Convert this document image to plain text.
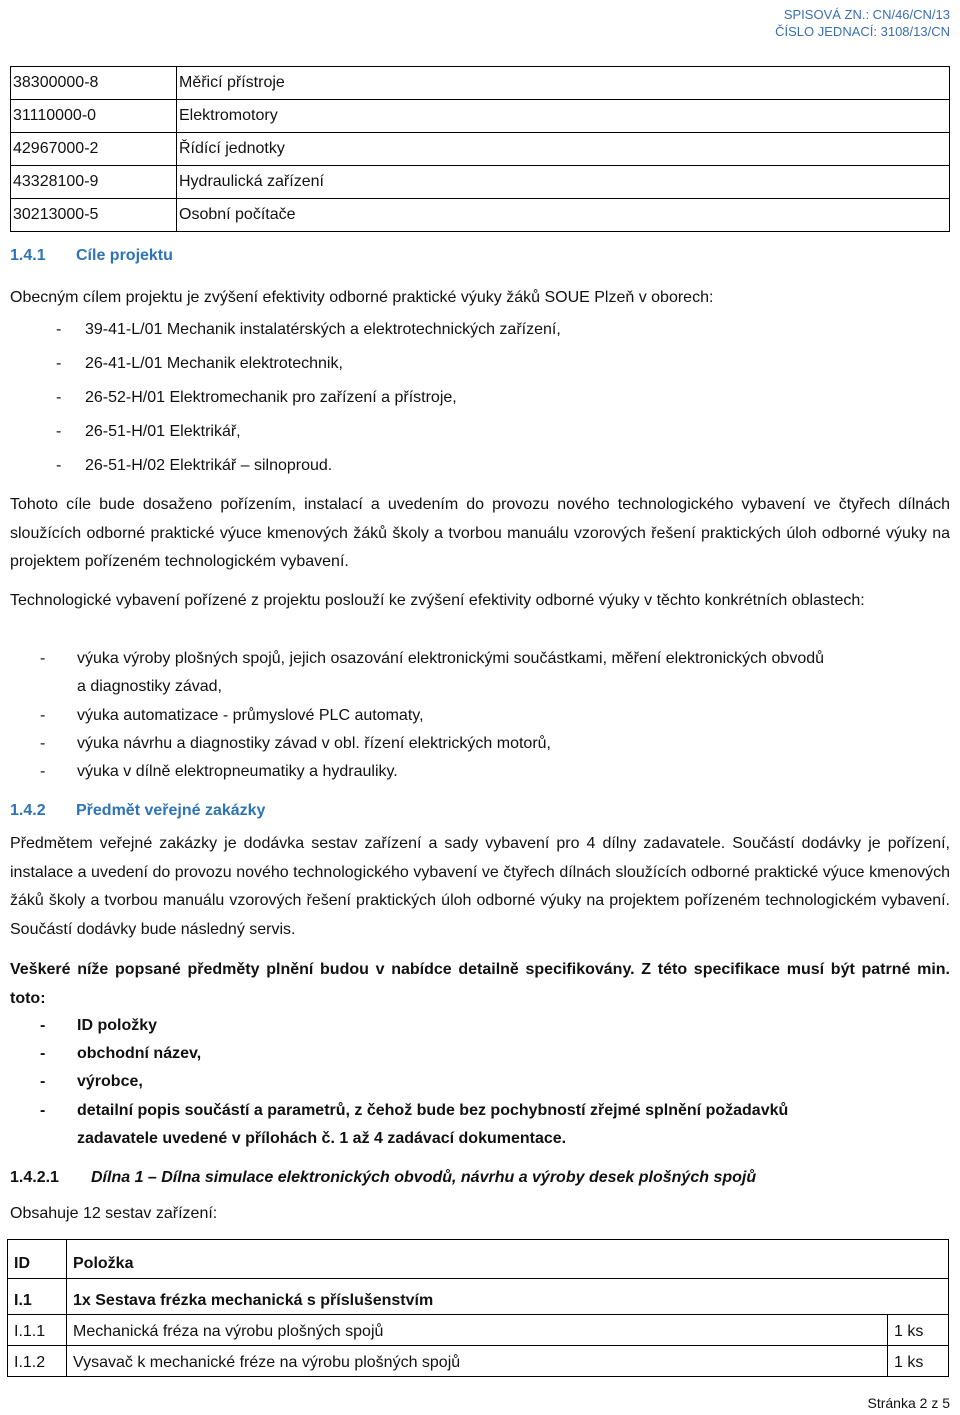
SPISOVÁ ZN.: CN/46/CN/13
ČÍSLO JEDNACÍ: 3108/13/CN
38300000-8	Měřicí přístroje
31110000-0	Elektromotory
42967000-2	Řídící jednotky
43328100-9	Hydraulická zařízení
30213000-5	Osobní počítače
1.4.1 Cíle projektu
Obecným cílem projektu je zvýšení efektivity odborné praktické výuky žáků SOUE Plzeň v oborech:
- 39-41-L/01 Mechanik instalatérských a elektrotechnických zařízení,
- 26-41-L/01 Mechanik elektrotechnik,
- 26-52-H/01 Elektromechanik pro zařízení a přístroje,
- 26-51-H/01 Elektrikář,
- 26-51-H/02 Elektrikář – silnoproud.
Tohoto cíle bude dosaženo pořízením, instalací a uvedením do provozu nového technologického vybavení ve čtyřech dílnách sloužících odborné praktické výuce kmenových žáků školy a tvorbou manuálu vzorových řešení praktických úloh odborné výuky na projektem pořízeném technologickém vybavení.
Technologické vybavení pořízené z projektu poslouží ke zvýšení efektivity odborné výuky v těchto konkrétních oblastech:
- výuka výroby plošných spojů, jejich osazování elektronickými součástkami, měření elektronických obvodů
a diagnostiky závad,
- výuka automatizace - průmyslové PLC automaty,
- výuka návrhu a diagnostiky závad v obl. řízení elektrických motorů,
- výuka v dílně elektropneumatiky a hydrauliky.
1.4.2 Předmět veřejné zakázky
Předmětem veřejné zakázky je dodávka sestav zařízení a sady vybavení pro 4 dílny zadavatele. Součástí dodávky je pořízení, instalace a uvedení do provozu nového technologického vybavení ve čtyřech dílnách sloužících odborné praktické výuce kmenových žáků školy a tvorbou manuálu vzorových řešení praktických úloh odborné výuky na projektem pořízeném technologickém vybavení. Součástí dodávky bude následný servis.
Veškeré níže popsané předměty plnění budou v nabídce detailně specifikovány. Z této specifikace musí být patrné min. toto:
- ID položky
- obchodní název,
- výrobce,
- detailní popis součástí a parametrů, z čehož bude bez pochybností zřejmé splnění požadavků
zadavatele uvedené v přílohách č. 1 až 4 zadávací dokumentace.
1.4.2.1 Dílna 1 – Dílna simulace elektronických obvodů, návrhu a výroby desek plošných spojů
Obsahuje 12 sestav zařízení:
ID	Položka	
I.1	1x Sestava frézka mechanická s příslušenstvím	
I.1.1	Mechanická fréza na výrobu plošných spojů	1 ks
I.1.2	Vysavač k mechanické fréze na výrobu plošných spojů	1 ks
Stránka 2 z 5
